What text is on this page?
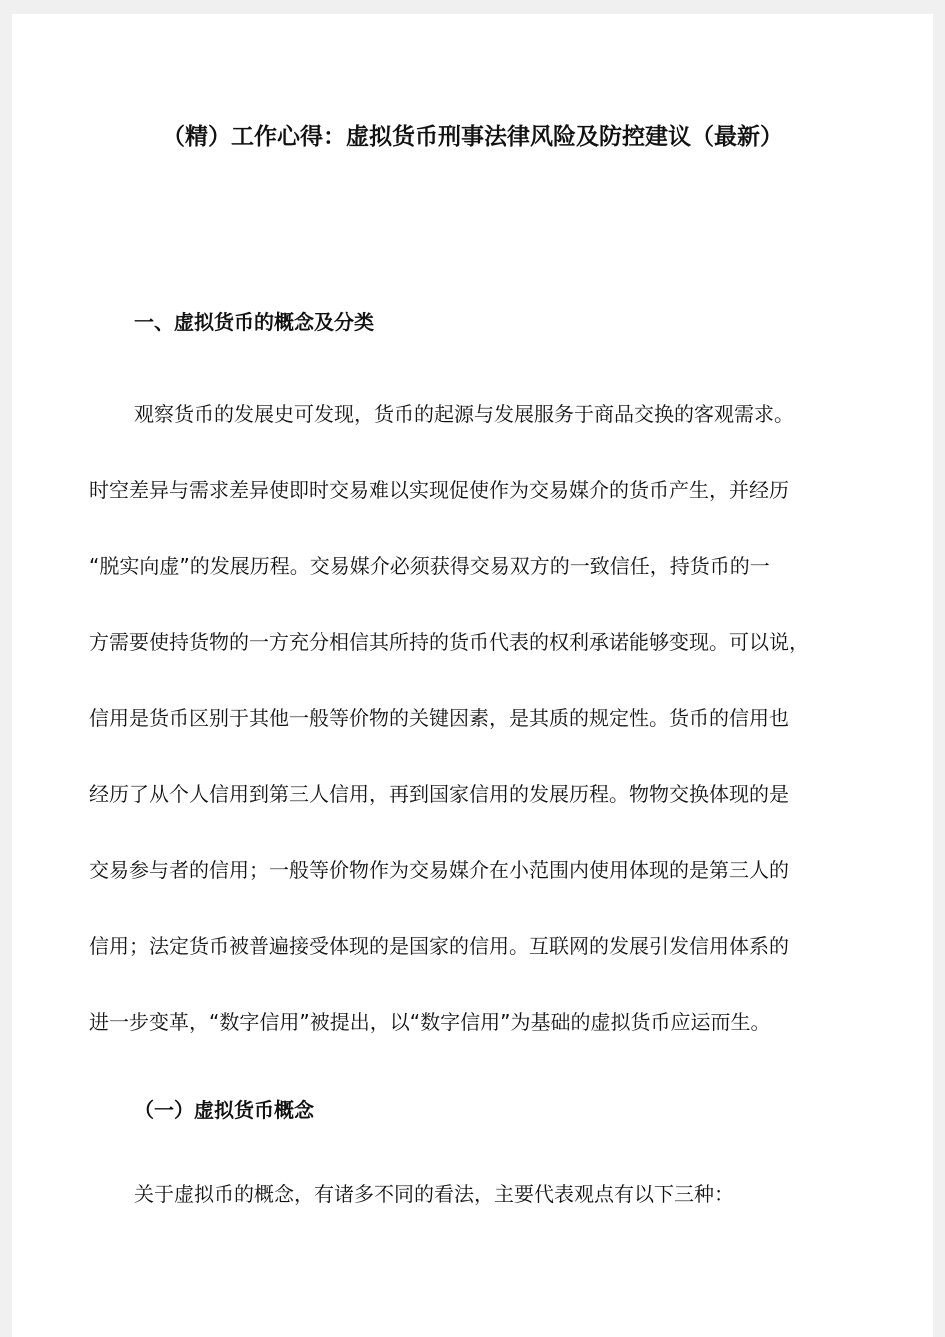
（精）工作心得：虚拟货币刑事法律风险及防控建议（最新）
一、虚拟货币的概念及分类

观察货币的发展史可发现，货币的起源与发展服务于商品交换的客观需求。

时空差异与需求差异使即时交易难以实现促使作为交易媒介的货币产生，并经历

“脱实向虚”的发展历程。交易媒介必须获得交易双方的一致信任，持货币的一

方需要使持货物的一方充分相信其所持的货币代表的权利承诺能够变现。可以说，

信用是货币区别于其他一般等价物的关键因素，是其质的规定性。货币的信用也

经历了从个人信用到第三人信用，再到国家信用的发展历程。物物交换体现的是

交易参与者的信用；一般等价物作为交易媒介在小范围内使用体现的是第三人的

信用；法定货币被普遍接受体现的是国家的信用。互联网的发展引发信用体系的

进一步变革，“数字信用”被提出，以“数字信用”为基础的虚拟货币应运而生。

（一）虚拟货币概念

关于虚拟币的概念，有诸多不同的看法，主要代表观点有以下三种：
